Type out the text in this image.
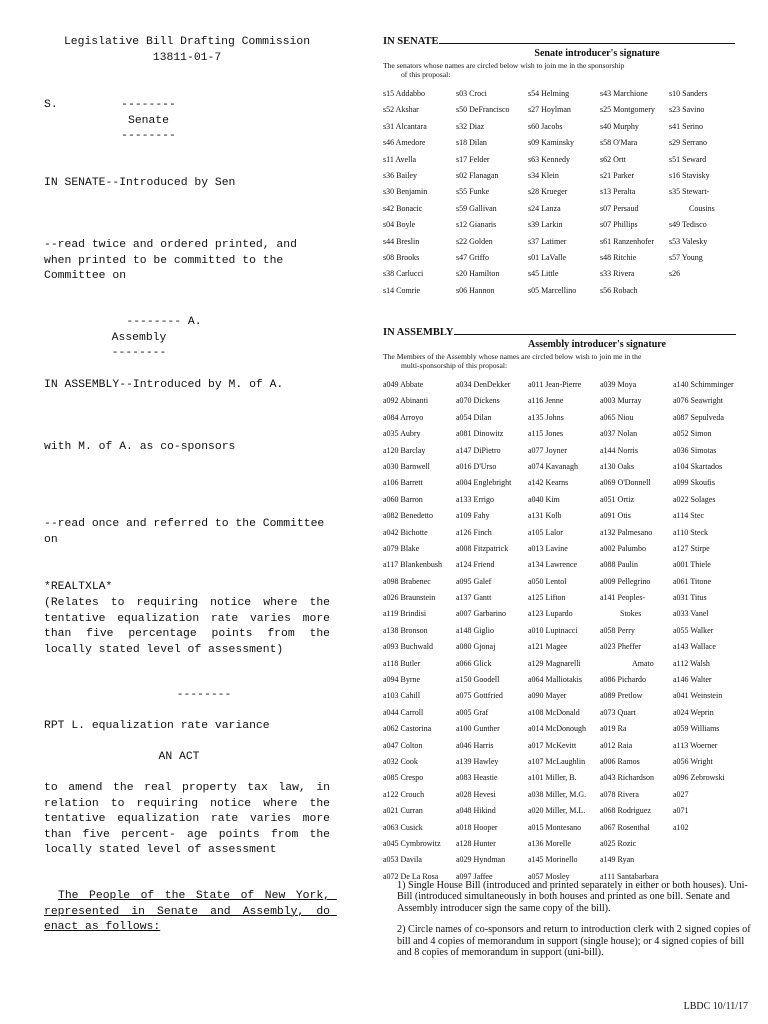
Legislative Bill Drafting Commission
13811-01-7
S.	--------
Senate
--------
IN SENATE--Introduced by Sen
--read twice and ordered printed, and when printed to be committed to the Committee on
-------- A.
Assembly
--------
IN ASSEMBLY--Introduced by M. of A.
with M. of A. as co-sponsors
--read once and referred to the Committee on
*REALTXLA*
(Relates to requiring notice where the tentative equalization rate varies more than five percentage points from the locally stated level of assessment)
--------
RPT L. equalization rate variance
AN ACT
to amend the real property tax law, in relation to requiring notice where the tentative equalization rate varies more than five percent- age points from the locally stated level of assessment
The People of the State of New York, represented in Senate and Assembly, do enact as follows:
IN SENATE
Senate introducer's signature
The senators whose names are circled below wish to join me in the sponsorship
of this proposal:
s15 Addabbo
s52 Akshar
s31 Alcantara
s46 Amedore
s11 Avella
s36 Bailey
s30 Benjamin
s42 Bonacic
s04 Boyle
s44 Breslin
s08 Brooks
s38 Carlucci
s14 Comrie
s03 Croci
s50 DeFrancisco
s32 Diaz
s18 Dilan
s17 Felder
s02 Flanagan
s55 Funke
s59 Gallivan
s12 Gianaris
s22 Golden
s47 Griffo
s20 Hamilton
s06 Hannon
s54 Helming
s27 Hoylman
s60 Jacobs
s09 Kaminsky
s63 Kennedy
s34 Klein
s28 Krueger
s24 Lanza
s39 Larkin
s37 Latimer
s01 LaValle
s45 Little
s05 Marcellino
s43 Marchione
s25 Montgomery
s40 Murphy
s58 O'Mara
s62 Ortt
s21 Parker
s13 Peralta
s07 Persaud
s07 Phillips
s61 Ranzenhofer
s48 Ritchie
s33 Rivera
s56 Robach
s10 Sanders
s23 Savino
s41 Serino
s29 Serrano
s51 Seward
s16 Stavisky
s35 Stewart-
Cousins
s49 Tedisco
s53 Valesky
s57 Young
s26
IN ASSEMBLY
Assembly introducer's signature
The Members of the Assembly whose names are circled below wish to join me in the
multi-sponsorship of this proposal:
a049 Abbate
a092 Abinanti
a084 Arroyo
a035 Aubry
a120 Barclay
a030 Barnwell
a106 Barrett
a060 Barron
a082 Benedetto
a042 Bichotte
a079 Blake
a117 Blankenbush
a098 Brabenec
a026 Braunstein
a119 Brindisi
a138 Bronson
a093 Buchwald
a118 Butler
a094 Byrne
a103 Cahill
a044 Carroll
a062 Castorina
a047 Colton
a032 Cook
a085 Crespo
a122 Crouch
a021 Curran
a063 Cusick
a045 Cymbrowitz
a053 Davila
a072 De La Rosa
a034 DenDekker
a070 Dickens
a054 Dilan
a081 Dinowitz
a147 DiPietro
a016 D'Urso
a004 Englebright
a133 Errigo
a109 Fahy
a126 Finch
a008 Fitzpatrick
a124 Friend
a095 Galef
a137 Gantt
a007 Garbarino
a148 Giglio
a080 Gjonaj
a066 Glick
a150 Goodell
a075 Gottfried
a005 Graf
a100 Gunther
a046 Harris
a139 Hawley
a083 Heastie
a028 Hevesi
a048 Hikind
a018 Hooper
a128 Hunter
a029 Hyndman
a097 Jaffee
a011 Jean-Pierre
a116 Jenne
a135 Johns
a115 Jones
a077 Joyner
a074 Kavanagh
a142 Kearns
a040 Kim
a131 Kolb
a105 Lalor
a013 Lavine
a134 Lawrence
a050 Lentol
a125 Lifton
a123 Lupardo
a010 Lupinacci
a121 Magee
a129 Magnarelli
a064 Malliotakis
a090 Mayer
a108 McDonald
a014 McDonough
a017 McKevitt
a107 McLaughlin
a101 Miller, B.
a038 Miller, M.G.
a020 Miller, M.L.
a015 Montesano
a136 Morelle
a145 Morinello
a057 Mosley
a039 Moya
a003 Murray
a065 Niou
a037 Nolan
a144 Norris
a130 Oaks
a069 O'Donnell
a051 Ortiz
a091 Otis
a132 Palmesano
a002 Palumbo
a088 Paulin
a009 Pellegrino
a141 Peoples-
Stokes
a058 Perry
a023 Pheffer
Amato
a086 Pichardo
a089 Pretlow
a073 Quart
a019 Ra
a012 Raia
a006 Ramos
a043 Richardson
a078 Rivera
a068 Rodriguez
a067 Rosenthal
a025 Rozic
a149 Ryan
a111 Santabarbara
a140 Schimminger
a076 Seawright
a087 Sepulveda
a052 Simon
a036 Simotas
a104 Skartados
a099 Skoufis
a022 Solages
a114 Stec
a110 Steck
a127 Stirpe
a001 Thiele
a061 Titone
a031 Titus
a033 Vanel
a055 Walker
a143 Wallace
a112 Walsh
a146 Walter
a041 Weinstein
a024 Weprin
a059 Williams
a113 Woerner
a056 Wright
a096 Zebrowski
a027
a071
a102

1) Single House Bill (introduced and printed separately in either or both houses). Uni-Bill (introduced simultaneously in both houses and printed as one bill. Senate and Assembly introducer sign the same copy of the bill).

2) Circle names of co-sponsors and return to introduction clerk with 2 signed copies of bill and 4 copies of memorandum in support (single house); or 4 signed copies of bill and 8 copies of memorandum in support (uni-bill).

LBDC 10/11/17
